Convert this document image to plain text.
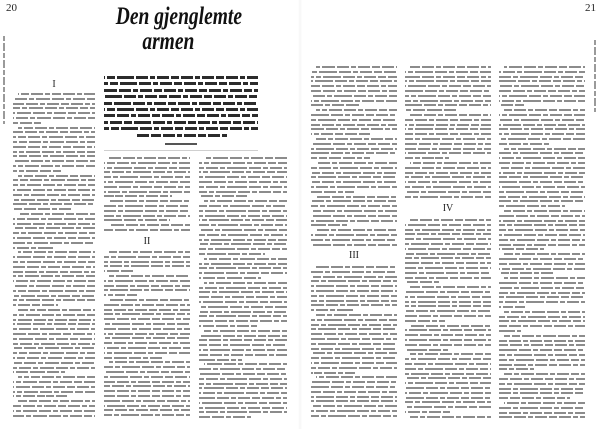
20	21
Den gjenglemte
armen
I
II
III
IV
